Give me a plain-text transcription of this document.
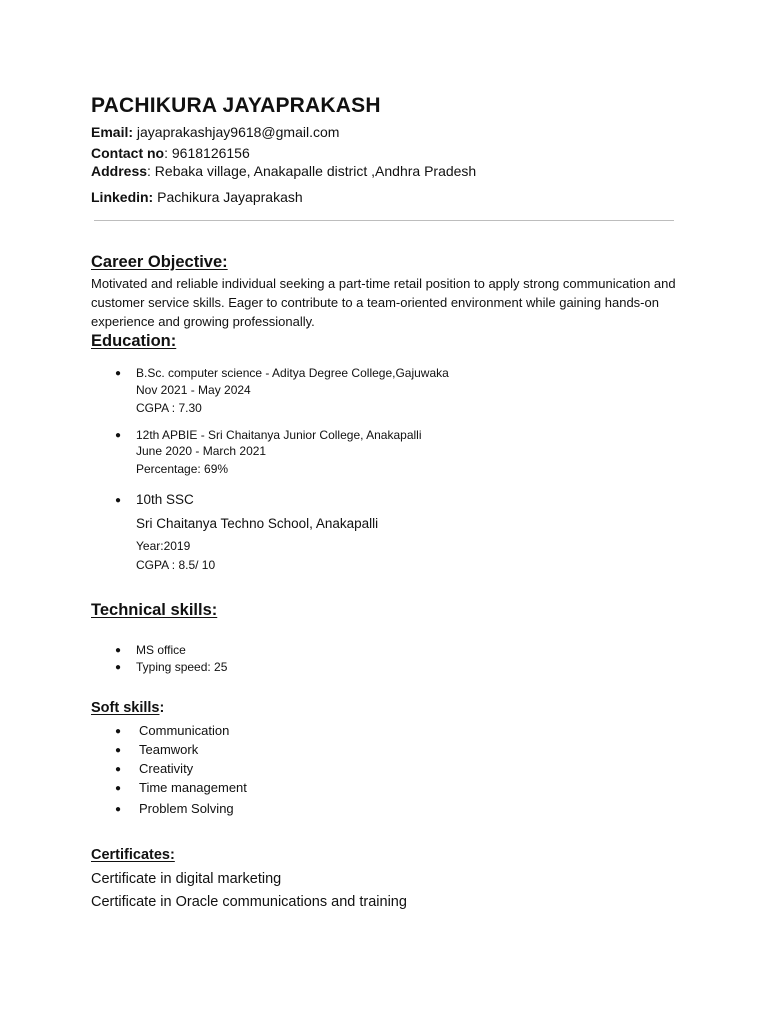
PACHIKURA JAYAPRAKASH
Email: jayaprakashjay9618@gmail.com
Contact no: 9618126156
Address: Rebaka village, Anakapalle district ,Andhra Pradesh
Linkedin: Pachikura Jayaprakash
Career Objective:
Motivated and reliable individual seeking a part-time retail position to apply strong communication and customer service skills. Eager to contribute to a team-oriented environment while gaining hands-on experience and growing professionally.
Education:
● B.Sc. computer science - Aditya Degree College,Gajuwaka
Nov 2021 - May 2024
CGPA : 7.30
● 12th APBIE - Sri Chaitanya Junior College, Anakapalli
June 2020 - March 2021
Percentage: 69%
● 10th SSC
Sri Chaitanya Techno School, Anakapalli
Year:2019
CGPA : 8.5/ 10
Technical skills:
● MS office
● Typing speed: 25
Soft skills:
● Communication
● Teamwork
● Creativity
● Time management
● Problem Solving
Certificates:
Certificate in digital marketing
Certificate in Oracle communications and training
